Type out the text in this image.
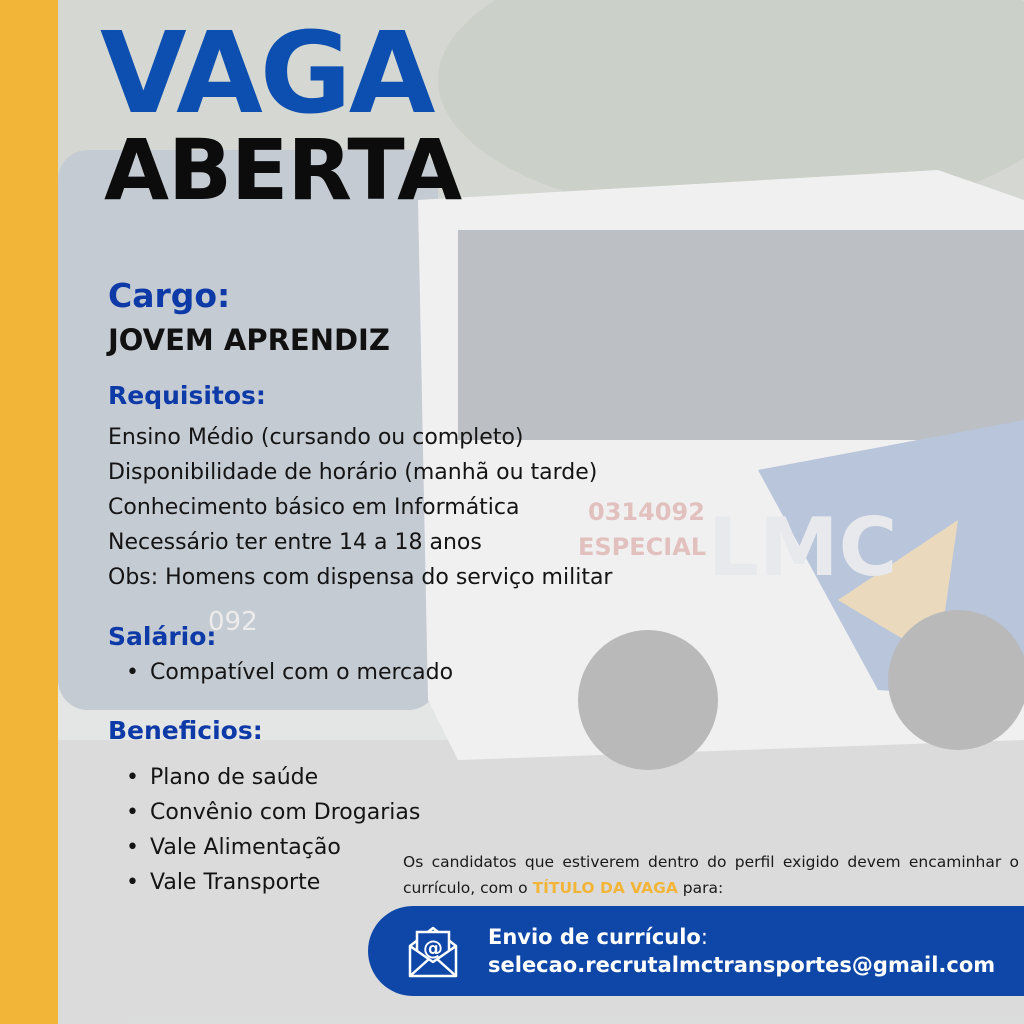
VAGA
ABERTA
Cargo:
JOVEM APRENDIZ
Requisitos:
Ensino Médio (cursando ou completo)
Disponibilidade de horário (manhã ou tarde)
Conhecimento básico em Informática
Necessário ter entre 14 a 18 anos
Obs: Homens com dispensa do serviço militar
Salário:
• Compatível com o mercado
Beneficios:
• Plano de saúde
• Convênio com Drogarias
• Vale Alimentação
• Vale Transporte
Os candidatos que estiverem dentro do perfil exigido devem encaminhar o currículo, com o TÍTULO DA VAGA para:
@ Envio de currículo:
selecao.recrutalmctransportes@gmail.com
